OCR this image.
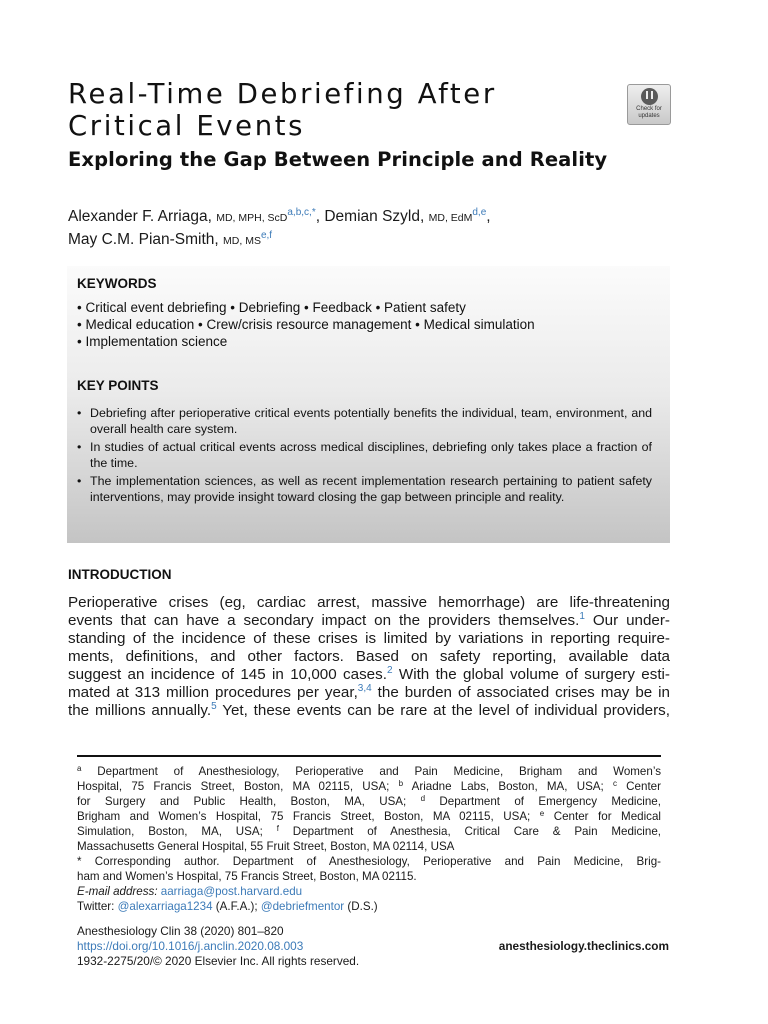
Real-Time Debriefing After
Critical Events
Check for
updates
Exploring the Gap Between Principle and Reality
Alexander F. Arriaga, MD, MPH, ScD$^{a,b,c,*}$, Demian Szyld, MD, EdM$^{d,e}$,
May C.M. Pian-Smith, MD, MS$^{e,f}$
KEYWORDS
• Critical event debriefing • Debriefing • Feedback • Patient safety
• Medical education • Crew/crisis resource management • Medical simulation
• Implementation science
KEY POINTS
• Debriefing after perioperative critical events potentially benefits the individual, team, environment, and overall health care system.
• In studies of actual critical events across medical disciplines, debriefing only takes place a fraction of the time.
• The implementation sciences, as well as recent implementation research pertaining to patient safety interventions, may provide insight toward closing the gap between principle and reality.
INTRODUCTION
Perioperative crises (eg, cardiac arrest, massive hemorrhage) are life-threatening
events that can have a secondary impact on the providers themselves.$^1$ Our under-
standing of the incidence of these crises is limited by variations in reporting require-
ments, definitions, and other factors. Based on safety reporting, available data
suggest an incidence of 145 in 10,000 cases.$^2$ With the global volume of surgery esti-
mated at 313 million procedures per year,$^{3,4}$ the burden of associated crises may be in
the millions annually.$^5$ Yet, these events can be rare at the level of individual providers,
$^a$ Department of Anesthesiology, Perioperative and Pain Medicine, Brigham and Women’s
Hospital, 75 Francis Street, Boston, MA 02115, USA; $^b$ Ariadne Labs, Boston, MA, USA; $^c$ Center
for Surgery and Public Health, Boston, MA, USA; $^d$ Department of Emergency Medicine,
Brigham and Women’s Hospital, 75 Francis Street, Boston, MA 02115, USA; $^e$ Center for Medical
Simulation, Boston, MA, USA; $^f$ Department of Anesthesia, Critical Care & Pain Medicine,
Massachusetts General Hospital, 55 Fruit Street, Boston, MA 02114, USA
* Corresponding author. Department of Anesthesiology, Perioperative and Pain Medicine, Brig-
ham and Women’s Hospital, 75 Francis Street, Boston, MA 02115.
E-mail address: aarriaga@post.harvard.edu
Twitter: @alexarriaga1234 (A.F.A.); @debriefmentor (D.S.)
Anesthesiology Clin 38 (2020) 801–820
https://doi.org/10.1016/j.anclin.2020.08.003
1932-2275/20/© 2020 Elsevier Inc. All rights reserved.
anesthesiology.theclinics.com
